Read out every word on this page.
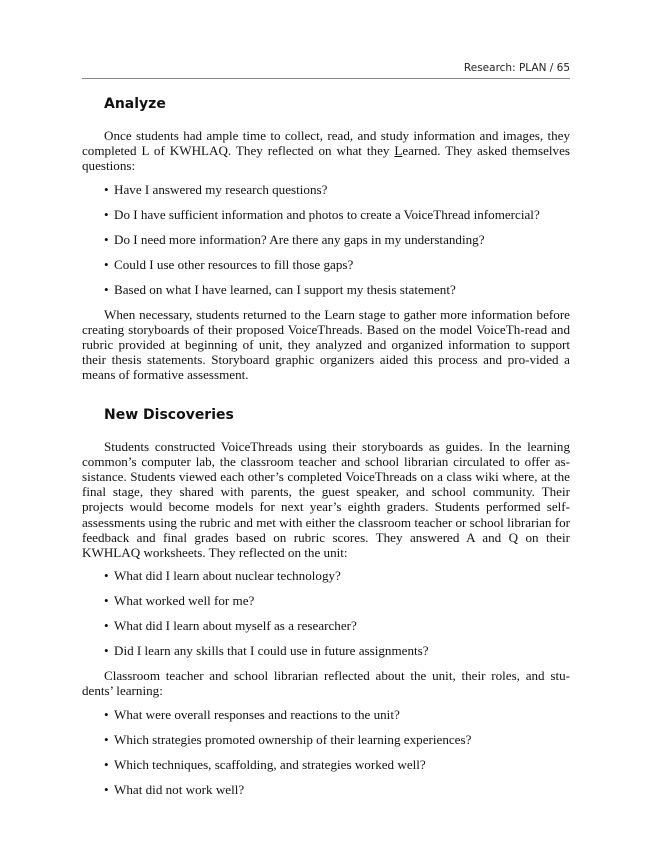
Research: PLAN / 65
Analyze

Once students had ample time to collect, read, and study information and images, they completed L of KWHLAQ. They reflected on what they Learned. They asked themselves questions:

• Have I answered my research questions?
• Do I have sufficient information and photos to create a VoiceThread infomercial?
• Do I need more information? Are there any gaps in my understanding?
• Could I use other resources to fill those gaps?
• Based on what I have learned, can I support my thesis statement?

When necessary, students returned to the Learn stage to gather more information before creating storyboards of their proposed VoiceThreads. Based on the model VoiceTh-read and rubric provided at beginning of unit, they analyzed and organized information to support their thesis statements. Storyboard graphic organizers aided this process and pro-vided a means of formative assessment.

New Discoveries

Students constructed VoiceThreads using their storyboards as guides. In the learning common’s computer lab, the classroom teacher and school librarian circulated to offer as-sistance. Students viewed each other’s completed VoiceThreads on a class wiki where, at the final stage, they shared with parents, the guest speaker, and school community. Their projects would become models for next year’s eighth graders. Students performed self-assessments using the rubric and met with either the classroom teacher or school librarian for feedback and final grades based on rubric scores. They answered A and Q on their KWHLAQ worksheets. They reflected on the unit:

• What did I learn about nuclear technology?
• What worked well for me?
• What did I learn about myself as a researcher?
• Did I learn any skills that I could use in future assignments?

Classroom teacher and school librarian reflected about the unit, their roles, and stu-dents’ learning:

• What were overall responses and reactions to the unit?
• Which strategies promoted ownership of their learning experiences?
• Which techniques, scaffolding, and strategies worked well?
• What did not work well?
